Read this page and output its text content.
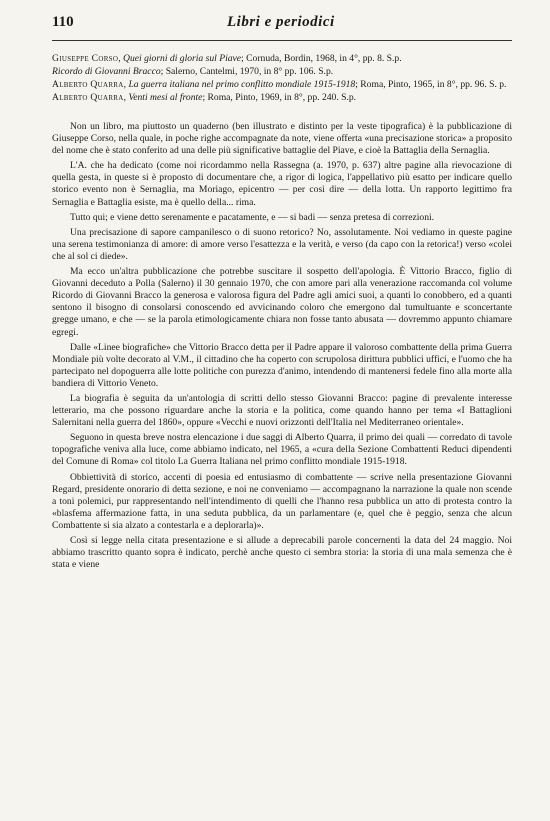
110	Libri e periodici

Giuseppe Corso, Quei giorni di gloria sul Piave; Cornuda, Bordin, 1968, in 4°, pp. 8. S.p.

Ricordo di Giovanni Bracco; Salerno, Cantelmi, 1970, in 8° pp. 106. S.p.

Alberto Quarra, La guerra italiana nel primo conflitto mondiale 1915-1918; Roma, Pinto, 1965, in 8°, pp. 96. S. p.

Alberto Quarra, Venti mesi al fronte; Roma, Pinto, 1969, in 8°, pp. 240. S.p.

Non un libro, ma piuttosto un quaderno (ben illustrato e distinto per la veste tipografica) è la pubblicazione di Giuseppe Corso, nella quale, in poche righe accompagnate da note, viene offerta «una precisazione storica» a proposito del nome che è stato conferito ad una delle più significative battaglie del Piave, e cioè la Battaglia della Sernaglia.

L'A. che ha dedicato (come noi ricordammo nella Rassegna (a. 1970, p. 637) altre pagine alla rievocazione di quella gesta, in queste si è proposto di documentare che, a rigor di logica, l'appellativo più esatto per indicare quello storico evento non è Sernaglia, ma Moriago, epicentro — per così dire — della lotta. Un rapporto legittimo fra Sernaglia e Battaglia esiste, ma è quello della... rima.

Tutto qui; e viene detto serenamente e pacatamente, e — si badi — senza pretesa di correzioni.

Una precisazione di sapore campanilesco o di suono retorico? No, assolutamente. Noi vediamo in queste pagine una serena testimonianza di amore: di amore verso l'esattezza e la verità, e verso (da capo con la retorica!) verso «colei che al sol ci diede».

Ma ecco un'altra pubblicazione che potrebbe suscitare il sospetto dell'apologia. È Vittorio Bracco, figlio di Giovanni deceduto a Polla (Salerno) il 30 gennaio 1970, che con amore pari alla venerazione raccomanda col volume Ricordo di Giovanni Bracco la generosa e valorosa figura del Padre agli amici suoi, a quanti lo conobbero, ed a quanti sentono il bisogno di consolarsi conoscendo ed avvicinando coloro che emergono dal tumultuante e sconcertante gregge umano, e che — se la parola etimologicamente chiara non fosse tanto abusata — dovremmo appunto chiamare egregi.

Dalle «Linee biografiche» che Vittorio Bracco detta per il Padre appare il valoroso combattente della prima Guerra Mondiale più volte decorato al V.M., il cittadino che ha coperto con scrupolosa dirittura pubblici uffici, e l'uomo che ha partecipato nel dopoguerra alle lotte politiche con purezza d'animo, intendendo di mantenersi fedele fino alla morte alla bandiera di Vittorio Veneto.

La biografia è seguita da un'antologia di scritti dello stesso Giovanni Bracco: pagine di prevalente interesse letterario, ma che possono riguardare anche la storia e la politica, come quando hanno per tema «I Battaglioni Salernitani nella guerra del 1860», oppure «Vecchi e nuovi orizzonti dell'Italia nel Mediterraneo orientale».

Seguono in questa breve nostra elencazione i due saggi di Alberto Quarra, il primo dei quali — corredato di tavole topografiche veniva alla luce, come abbiamo indicato, nel 1965, a «cura della Sezione Combattenti Reduci dipendenti del Comune di Roma» col titolo La Guerra Italiana nel primo conflitto mondiale 1915-1918.

Obbiettività di storico, accenti di poesia ed entusiasmo di combattente — scrive nella presentazione Giovanni Regard, presidente onorario di detta sezione, e noi ne conveniamo — accompagnano la narrazione la quale non scende a toni polemici, pur rappresentando nell'intendimento di quelli che l'hanno resa pubblica un atto di protesta contro la «blasfema affermazione fatta, in una seduta pubblica, da un parlamentare (e, quel che è peggio, senza che alcun Combattente si sia alzato a contestarla e a deplorarla)».

Così si legge nella citata presentazione e si allude a deprecabili parole concernenti la data del 24 maggio. Noi abbiamo trascritto quanto sopra è indicato, perchè anche questo ci sembra storia: la storia di una mala semenza che è stata e viene
